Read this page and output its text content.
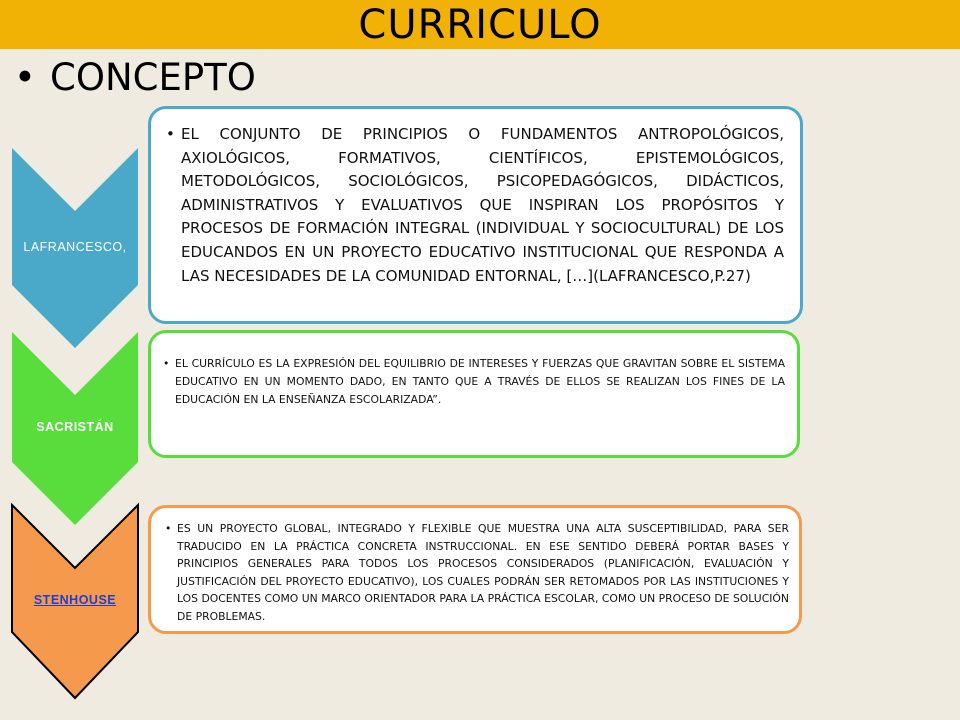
CURRICULO
• CONCEPTO
LAFRANCESCO,
SACRISTÁN
STENHOUSE
• EL CONJUNTO DE PRINCIPIOS O FUNDAMENTOS ANTROPOLÓGICOS, AXIOLÓGICOS, FORMATIVOS, CIENTÍFICOS, EPISTEMOLÓGICOS, METODOLÓGICOS, SOCIOLÓGICOS, PSICOPEDAGÓGICOS, DIDÁCTICOS, ADMINISTRATIVOS Y EVALUATIVOS QUE INSPIRAN LOS PROPÓSITOS Y PROCESOS DE FORMACIÓN INTEGRAL (INDIVIDUAL Y SOCIOCULTURAL) DE LOS EDUCANDOS EN UN PROYECTO EDUCATIVO INSTITUCIONAL QUE RESPONDA A LAS NECESIDADES DE LA COMUNIDAD ENTORNAL, […](LAFRANCESCO,P.27)
• EL CURRÍCULO ES LA EXPRESIÓN DEL EQUILIBRIO DE INTERESES Y FUERZAS QUE GRAVITAN SOBRE EL SISTEMA EDUCATIVO EN UN MOMENTO DADO, EN TANTO QUE A TRAVÉS DE ELLOS SE REALIZAN LOS FINES DE LA EDUCACIÓN EN LA ENSEÑANZA ESCOLARIZADA”.
• ES UN PROYECTO GLOBAL, INTEGRADO Y FLEXIBLE QUE MUESTRA UNA ALTA SUSCEPTIBILIDAD, PARA SER TRADUCIDO EN LA PRÁCTICA CONCRETA INSTRUCCIONAL. EN ESE SENTIDO DEBERÁ PORTAR BASES Y PRINCIPIOS GENERALES PARA TODOS LOS PROCESOS CONSIDERADOS (PLANIFICACIÓN, EVALUACIÓN Y JUSTIFICACIÓN DEL PROYECTO EDUCATIVO), LOS CUALES PODRÁN SER RETOMADOS POR LAS INSTITUCIONES Y LOS DOCENTES COMO UN MARCO ORIENTADOR PARA LA PRÁCTICA ESCOLAR, COMO UN PROCESO DE SOLUCIÓN DE PROBLEMAS.
